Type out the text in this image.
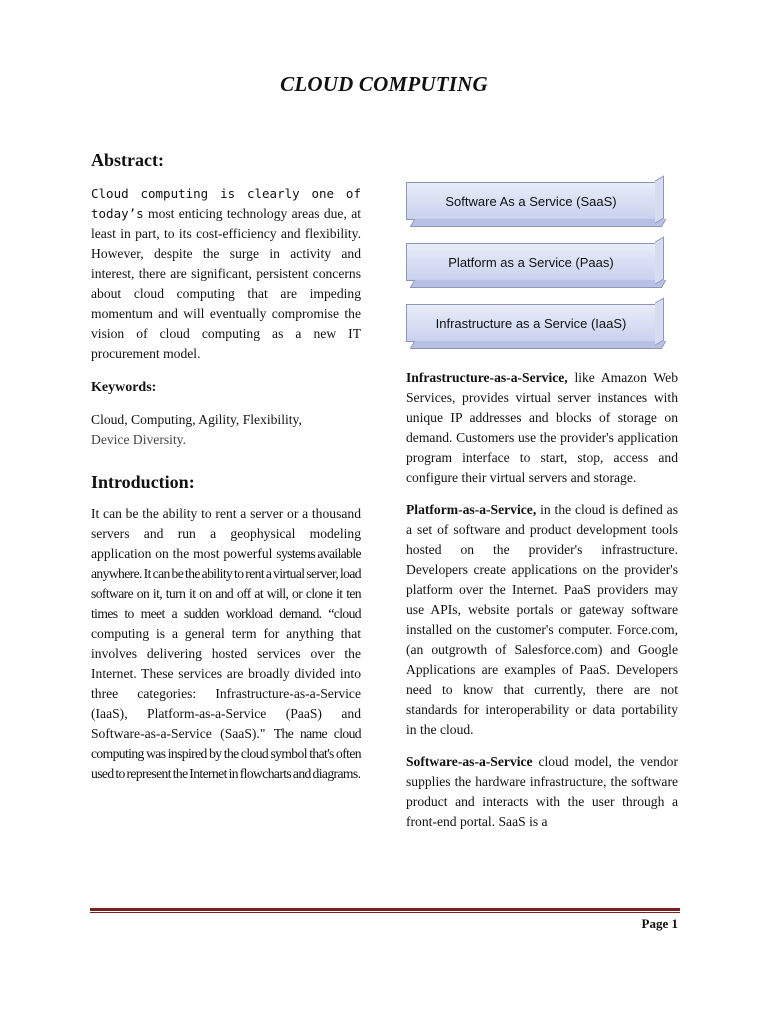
CLOUD COMPUTING
Abstract:

Cloud computing is clearly one of today’s most enticing technology areas due, at least in part, to its cost-efficiency and flexibility. However, despite the surge in activity and interest, there are significant, persistent concerns about cloud computing that are impeding momentum and will eventually compromise the vision of cloud computing as a new IT procurement model.

Keywords:

Cloud, Computing, Agility, Flexibility,
Device Diversity.

Introduction:

It can be the ability to rent a server or a thousand servers and run a geophysical modeling application on the most powerful systems available anywhere. It can be the ability to rent a virtual server, load software on it, turn it on and off at will, or clone it ten times to meet a sudden workload demand. “cloud computing is a general term for anything that involves delivering hosted services over the Internet. These services are broadly divided into three categories: Infrastructure-as-a-Service (IaaS), Platform-as-a-Service (PaaS) and Software-as-a-Service (SaaS)." The name cloud computing was inspired by the cloud symbol that's often used to represent the Internet in flowcharts and diagrams.

Software As a Service (SaaS)
Platform as a Service (Paas)
Infrastructure as a Service (IaaS)

Infrastructure-as-a-Service, like Amazon Web Services, provides virtual server instances with unique IP addresses and blocks of storage on demand. Customers use the provider's application program interface to start, stop, access and configure their virtual servers and storage.

Platform-as-a-Service, in the cloud is defined as a set of software and product development tools hosted on the provider's infrastructure. Developers create applications on the provider's platform over the Internet. PaaS providers may use APIs, website portals or gateway software installed on the customer's computer. Force.com, (an outgrowth of Salesforce.com) and Google Applications are examples of PaaS. Developers need to know that currently, there are not standards for interoperability or data portability in the cloud.

Software-as-a-Service cloud model, the vendor supplies the hardware infrastructure, the software product and interacts with the user through a front-end portal. SaaS is a

Page 1
